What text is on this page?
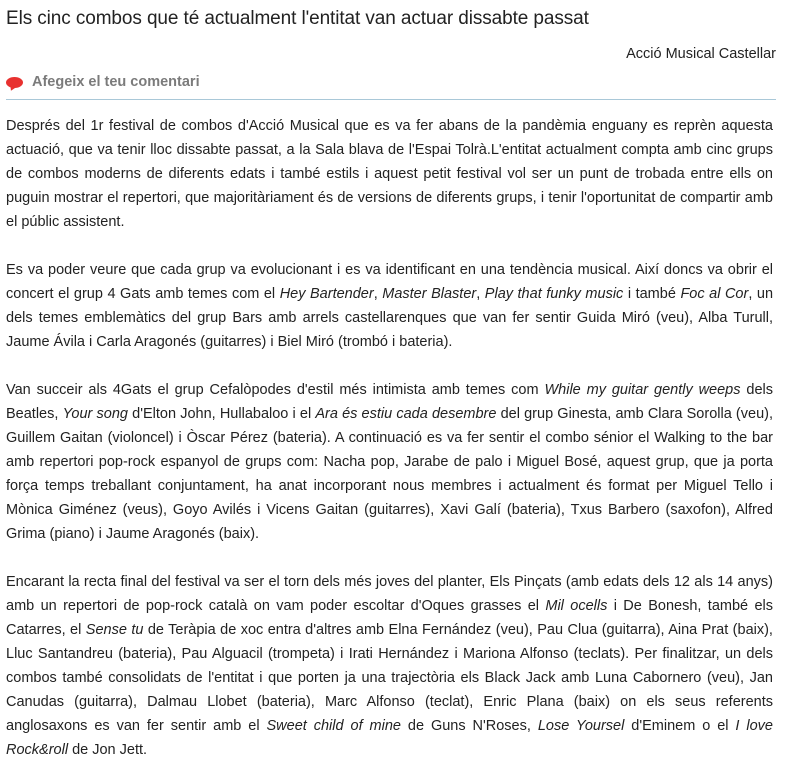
Els cinc combos que té actualment l'entitat van actuar dissabte passat
Acció Musical Castellar
Afegeix el teu comentari

Després del 1r festival de combos d'Acció Musical que es va fer abans de la pandèmia enguany es reprèn aquesta actuació, que va tenir lloc dissabte passat, a la Sala blava de l'Espai Tolrà.L'entitat actualment compta amb cinc grups de combos moderns de diferents edats i també estils i aquest petit festival vol ser un punt de trobada entre ells on puguin mostrar el repertori, que majoritàriament és de versions de diferents grups, i tenir l'oportunitat de compartir amb el públic assistent.

Es va poder veure que cada grup va evolucionant i es va identificant en una tendència musical. Així doncs va obrir el concert el grup 4 Gats amb temes com el Hey Bartender, Master Blaster, Play that funky music i també Foc al Cor, un dels temes emblemàtics del grup Bars amb arrels castellarenques que van fer sentir Guida Miró (veu), Alba Turull, Jaume Ávila i Carla Aragonés (guitarres) i Biel Miró (trombó i bateria).

Van succeir als 4Gats el grup Cefalòpodes d'estil més intimista amb temes com While my guitar gently weeps dels Beatles, Your song d'Elton John, Hullabaloo i el Ara és estiu cada desembre del grup Ginesta, amb Clara Sorolla (veu), Guillem Gaitan (violoncel) i Òscar Pérez (bateria). A continuació es va fer sentir el combo sénior el Walking to the bar amb repertori pop-rock espanyol de grups com: Nacha pop, Jarabe de palo i Miguel Bosé, aquest grup, que ja porta força temps treballant conjuntament, ha anat incorporant nous membres i actualment és format per Miguel Tello i Mònica Giménez (veus), Goyo Avilés i Vicens Gaitan (guitarres), Xavi Galí (bateria), Txus Barbero (saxofon), Alfred Grima (piano) i Jaume Aragonés (baix).

Encarant la recta final del festival va ser el torn dels més joves del planter, Els Pinçats (amb edats dels 12 als 14 anys) amb un repertori de pop-rock català on vam poder escoltar d'Oques grasses el Mil ocells i De Bonesh, també els Catarres, el Sense tu de Teràpia de xoc entra d'altres amb Elna Fernández (veu), Pau Clua (guitarra), Aina Prat (baix), Lluc Santandreu (bateria), Pau Alguacil (trompeta) i Irati Hernández i Mariona Alfonso (teclats). Per finalitzar, un dels combos també consolidats de l'entitat i que porten ja una trajectòria els Black Jack amb Luna Cabornero (veu), Jan Canudas (guitarra), Dalmau Llobet (bateria), Marc Alfonso (teclat), Enric Plana (baix) on els seus referents anglosaxons es van fer sentir amb el Sweet child of mine de Guns N'Roses, Lose Yoursel d'Eminem o el I love Rock&roll de Jon Jett.
